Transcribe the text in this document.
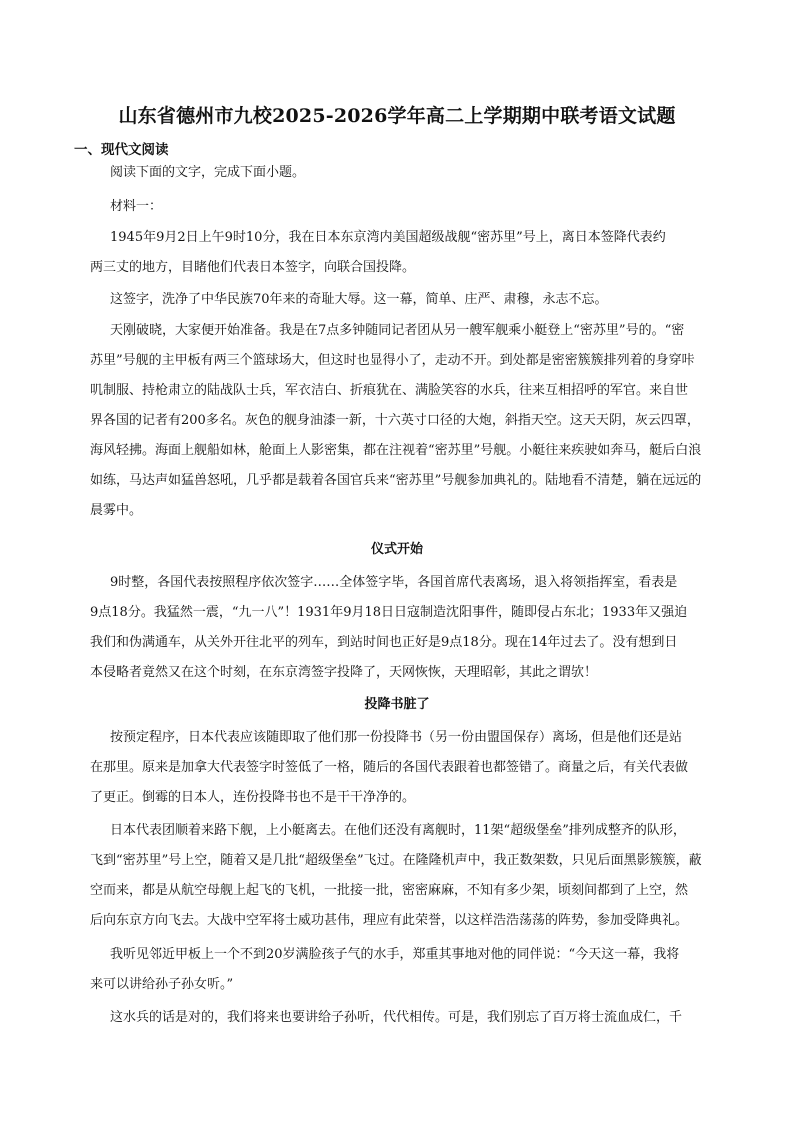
山东省德州市九校2025-2026学年高二上学期期中联考语文试题
一、现代文阅读
阅读下面的文字，完成下面小题。
材料一：
1945年9月2日上午9时10分，我在日本东京湾内美国超级战舰“密苏里”号上，离日本签降代表约
两三丈的地方，目睹他们代表日本签字，向联合国投降。
这签字，洗净了中华民族70年来的奇耻大辱。这一幕，简单、庄严、肃穆，永志不忘。
天刚破晓，大家便开始准备。我是在7点多钟随同记者团从另一艘军舰乘小艇登上“密苏里”号的。“密
苏里”号舰的主甲板有两三个篮球场大，但这时也显得小了，走动不开。到处都是密密簇簇排列着的身穿咔
叽制服、持枪肃立的陆战队士兵，军衣洁白、折痕犹在、满脸笑容的水兵，往来互相招呼的军官。来自世
界各国的记者有200多名。灰色的舰身油漆一新，十六英寸口径的大炮，斜指天空。这天天阴，灰云四罩，
海风轻拂。海面上舰船如林，舱面上人影密集，都在注视着“密苏里”号舰。小艇往来疾驶如奔马，艇后白浪
如练，马达声如猛兽怒吼，几乎都是载着各国官兵来“密苏里”号舰参加典礼的。陆地看不清楚，躺在远远的
晨雾中。
仪式开始
9时整，各国代表按照程序依次签字……全体签字毕，各国首席代表离场，退入将领指挥室，看表是
9点18分。我猛然一震，“九一八”！1931年9月18日日寇制造沈阳事件，随即侵占东北；1933年又强迫
我们和伪满通车，从关外开往北平的列车，到站时间也正好是9点18分。现在14年过去了。没有想到日
本侵略者竟然又在这个时刻，在东京湾签字投降了，天网恢恢，天理昭彰，其此之谓欤！
投降书脏了
按预定程序，日本代表应该随即取了他们那一份投降书（另一份由盟国保存）离场，但是他们还是站
在那里。原来是加拿大代表签字时签低了一格，随后的各国代表跟着也都签错了。商量之后，有关代表做
了更正。倒霉的日本人，连份投降书也不是干干净净的。
日本代表团顺着来路下舰，上小艇离去。在他们还没有离舰时，11架“超级堡垒”排列成整齐的队形，
飞到“密苏里”号上空，随着又是几批“超级堡垒”飞过。在隆隆机声中，我正数架数，只见后面黑影簇簇，蔽
空而来，都是从航空母舰上起飞的飞机，一批接一批，密密麻麻，不知有多少架，顷刻间都到了上空，然
后向东京方向飞去。大战中空军将士威功甚伟，理应有此荣誉，以这样浩浩荡荡的阵势，参加受降典礼。
我听见邻近甲板上一个不到20岁满脸孩子气的水手，郑重其事地对他的同伴说：“今天这一幕，我将
来可以讲给孙子孙女听。”
这水兵的话是对的，我们将来也要讲给子孙听，代代相传。可是，我们别忘了百万将士流血成仁，千
